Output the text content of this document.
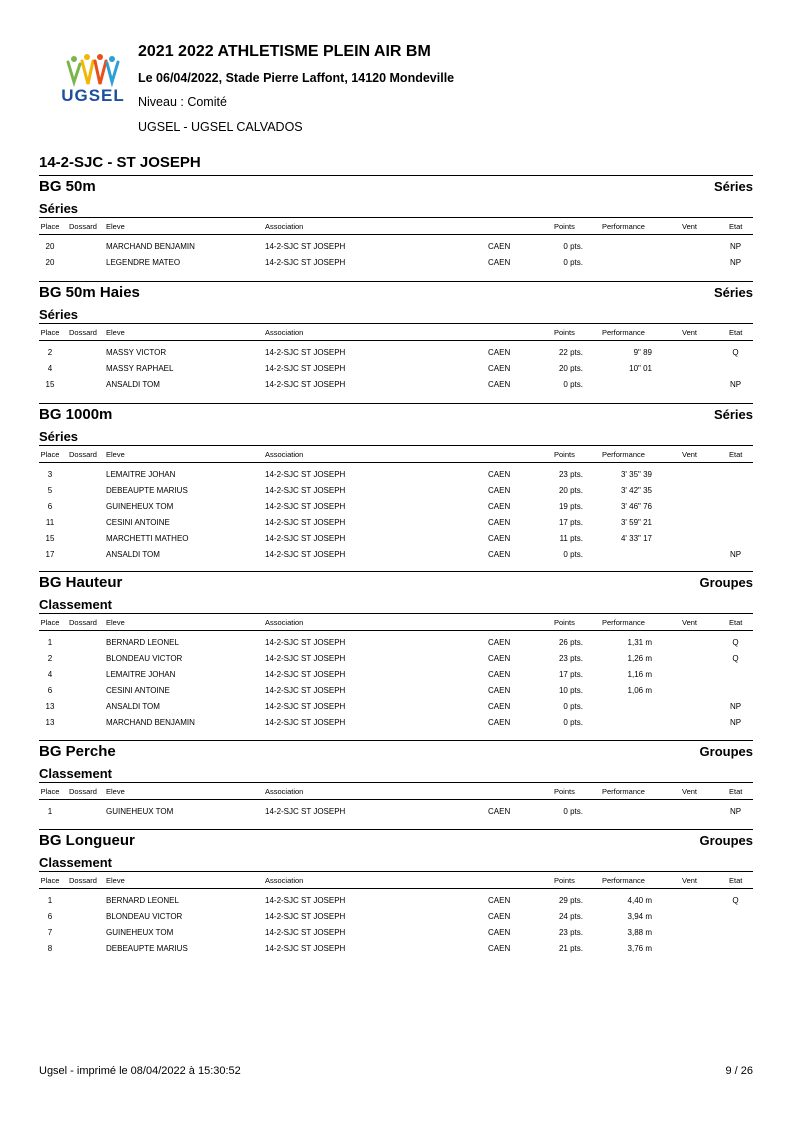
UGSEL
2021 2022 ATHLETISME PLEIN AIR BM
Le 06/04/2022, Stade Pierre Laffont, 14120 Mondeville
Niveau : Comité
UGSEL - UGSEL CALVADOS
14-2-SJC - ST JOSEPH
BG 50m	Séries
Séries
Place Dossard Eleve	Association	Points	Performance	Vent	Etat
20	MARCHAND BENJAMIN	14-2-SJC ST JOSEPH	CAEN	0 pts.	NP
20	LEGENDRE MATEO	14-2-SJC ST JOSEPH	CAEN	0 pts.	NP
BG 50m Haies	Séries
Séries
Place Dossard Eleve	Association	Points	Performance	Vent	Etat
2	MASSY VICTOR	14-2-SJC ST JOSEPH	CAEN	22 pts.	9" 89	Q
4	MASSY RAPHAEL	14-2-SJC ST JOSEPH	CAEN	20 pts.	10" 01
15	ANSALDI TOM	14-2-SJC ST JOSEPH	CAEN	0 pts.	NP
BG 1000m	Séries
Séries
Place Dossard Eleve	Association	Points	Performance	Vent	Etat
3	LEMAITRE JOHAN	14-2-SJC ST JOSEPH	CAEN	23 pts.	3' 35" 39
5	DEBEAUPTE MARIUS	14-2-SJC ST JOSEPH	CAEN	20 pts.	3' 42" 35
6	GUINEHEUX TOM	14-2-SJC ST JOSEPH	CAEN	19 pts.	3' 46" 76
11	CESINI ANTOINE	14-2-SJC ST JOSEPH	CAEN	17 pts.	3' 59" 21
15	MARCHETTI MATHEO	14-2-SJC ST JOSEPH	CAEN	11 pts.	4' 33" 17
17	ANSALDI TOM	14-2-SJC ST JOSEPH	CAEN	0 pts.	NP
BG Hauteur	Groupes
Classement
Place Dossard Eleve	Association	Points	Performance	Vent	Etat
1	BERNARD LEONEL	14-2-SJC ST JOSEPH	CAEN	26 pts.	1,31 m	Q
2	BLONDEAU VICTOR	14-2-SJC ST JOSEPH	CAEN	23 pts.	1,26 m	Q
4	LEMAITRE JOHAN	14-2-SJC ST JOSEPH	CAEN	17 pts.	1,16 m
6	CESINI ANTOINE	14-2-SJC ST JOSEPH	CAEN	10 pts.	1,06 m
13	ANSALDI TOM	14-2-SJC ST JOSEPH	CAEN	0 pts.	NP
13	MARCHAND BENJAMIN	14-2-SJC ST JOSEPH	CAEN	0 pts.	NP
BG Perche	Groupes
Classement
Place Dossard Eleve	Association	Points	Performance	Vent	Etat
1	GUINEHEUX TOM	14-2-SJC ST JOSEPH	CAEN	0 pts.	NP
BG Longueur	Groupes
Classement
Place Dossard Eleve	Association	Points	Performance	Vent	Etat
1	BERNARD LEONEL	14-2-SJC ST JOSEPH	CAEN	29 pts.	4,40 m	Q
6	BLONDEAU VICTOR	14-2-SJC ST JOSEPH	CAEN	24 pts.	3,94 m
7	GUINEHEUX TOM	14-2-SJC ST JOSEPH	CAEN	23 pts.	3,88 m
8	DEBEAUPTE MARIUS	14-2-SJC ST JOSEPH	CAEN	21 pts.	3,76 m
Ugsel - imprimé le 08/04/2022 à 15:30:52	9 / 26
